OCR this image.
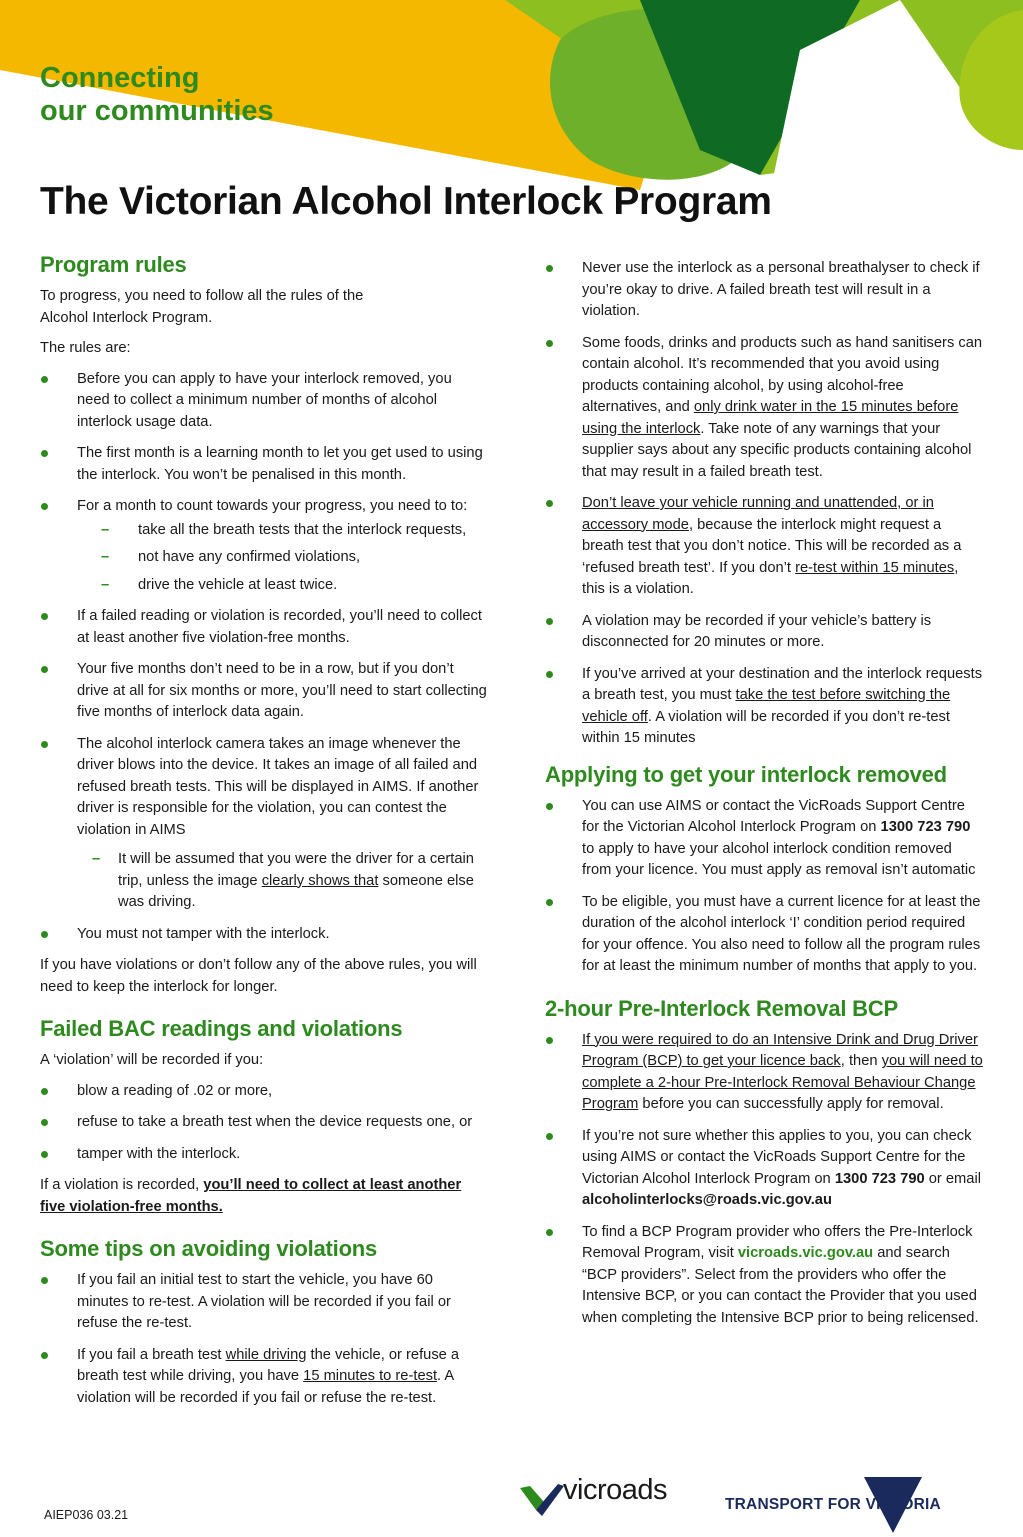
Connecting
our communities

The Victorian Alcohol Interlock Program
Program rules

To progress, you need to follow all the rules of the Alcohol Interlock Program.

The rules are:

Before you can apply to have your interlock removed, you need to collect a minimum number of months of alcohol interlock usage data.
The first month is a learning month to let you get used to using the interlock. You won’t be penalised in this month.
For a month to count towards your progress, you need to to:
– take all the breath tests that the interlock requests,
– not have any confirmed violations,
– drive the vehicle at least twice.
If a failed reading or violation is recorded, you’ll need to collect at least another five violation-free months.
Your five months don’t need to be in a row, but if you don’t drive at all for six months or more, you’ll need to start collecting five months of interlock data again.
The alcohol interlock camera takes an image whenever the driver blows into the device. It takes an image of all failed and refused breath tests. This will be displayed in AIMS. If another driver is responsible for the violation, you can contest the violation in AIMS
– It will be assumed that you were the driver for a certain trip, unless the image clearly shows that someone else was driving.
You must not tamper with the interlock.

If you have violations or don’t follow any of the above rules, you will need to keep the interlock for longer.

Failed BAC readings and violations

A ‘violation’ will be recorded if you:

blow a reading of .02 or more,
refuse to take a breath test when the device requests one, or
tamper with the interlock.

If a violation is recorded, you’ll need to collect at least another five violation-free months.

Some tips on avoiding violations
If you fail an initial test to start the vehicle, you have 60 minutes to re-test. A violation will be recorded if you fail or refuse the re-test.
If you fail a breath test while driving the vehicle, or refuse a breath test while driving, you have 15 minutes to re-test. A violation will be recorded if you fail or refuse the re-test.
Never use the interlock as a personal breathalyser to check if you’re okay to drive. A failed breath test will result in a violation.
Some foods, drinks and products such as hand sanitisers can contain alcohol. It’s recommended that you avoid using products containing alcohol, by using alcohol-free alternatives, and only drink water in the 15 minutes before using the interlock. Take note of any warnings that your supplier says about any specific products containing alcohol that may result in a failed breath test.
Don’t leave your vehicle running and unattended, or in accessory mode, because the interlock might request a breath test that you don’t notice. This will be recorded as a ‘refused breath test’. If you don’t re-test within 15 minutes, this is a violation.
A violation may be recorded if your vehicle’s battery is disconnected for 20 minutes or more.
If you’ve arrived at your destination and the interlock requests a breath test, you must take the test before switching the vehicle off. A violation will be recorded if you don’t re-test within 15 minutes
Applying to get your interlock removed
You can use AIMS or contact the VicRoads Support Centre for the Victorian Alcohol Interlock Program on 1300 723 790 to apply to have your alcohol interlock condition removed from your licence. You must apply as removal isn’t automatic
To be eligible, you must have a current licence for at least the duration of the alcohol interlock ‘I’ condition period required for your offence. You also need to follow all the program rules for at least the minimum number of months that apply to you.
2-hour Pre-Interlock Removal BCP
If you were required to do an Intensive Drink and Drug Driver Program (BCP) to get your licence back, then you will need to complete a 2-hour Pre-Interlock Removal Behaviour Change Program before you can successfully apply for removal.
If you’re not sure whether this applies to you, you can check using AIMS or contact the VicRoads Support Centre for the Victorian Alcohol Interlock Program on 1300 723 790 or email alcoholinterlocks@roads.vic.gov.au
To find a BCP Program provider who offers the Pre-Interlock Removal Program, visit vicroads.vic.gov.au and search “BCP providers”. Select from the providers who offer the Intensive BCP, or you can contact the Provider that you used when completing the Intensive BCP prior to being relicensed.

AIEP036 03.21

vicroads	TRANSPORT FOR VICTORIA
